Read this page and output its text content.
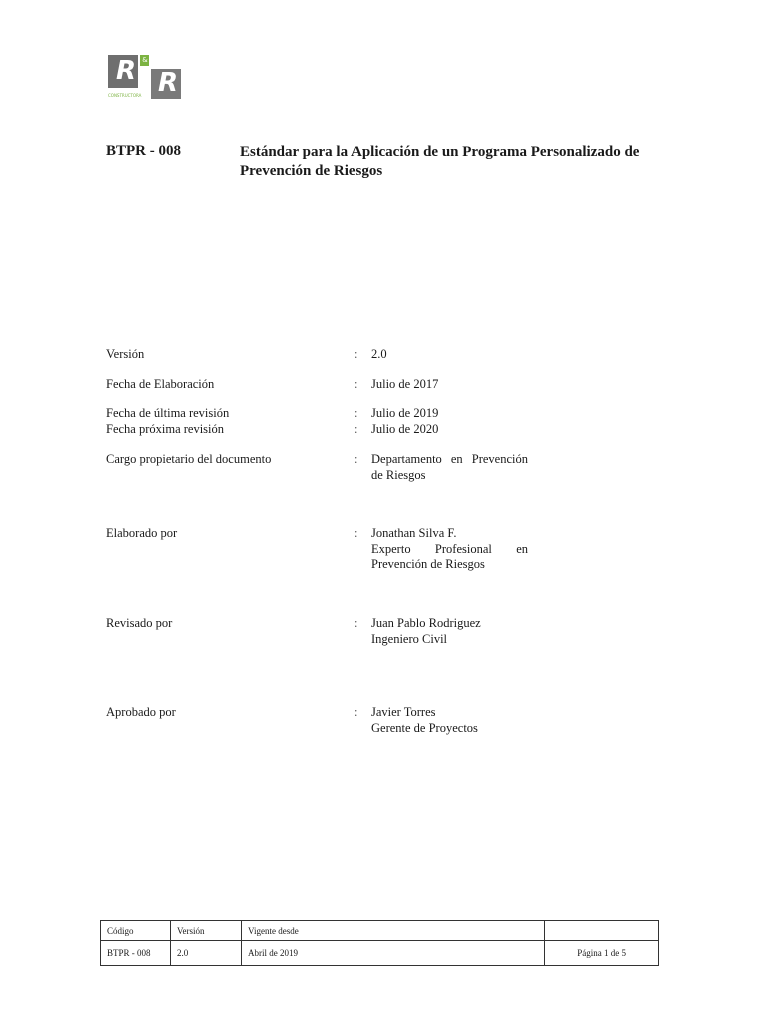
R R
&
CONSTRUCTORA
BTPR - 008	Estándar para la Aplicación de un Programa Personalizado de
Prevención de Riesgos
Versión	: 2.0
Fecha de Elaboración	: Julio de 2017
Fecha de última revisión	: Julio de 2019
Fecha próxima revisión	: Julio de 2020
Cargo propietario del documento	: Departamento en Prevención
de Riesgos
Elaborado por	: Jonathan Silva F.
Experto Profesional en
Prevención de Riesgos
Revisado por	: Juan Pablo Rodriguez
Ingeniero Civil
Aprobado por	: Javier Torres
Gerente de Proyectos
Código	Versión	Vigente desde	
BTPR - 008	2.0	Abril de 2019	Página 1 de 5
